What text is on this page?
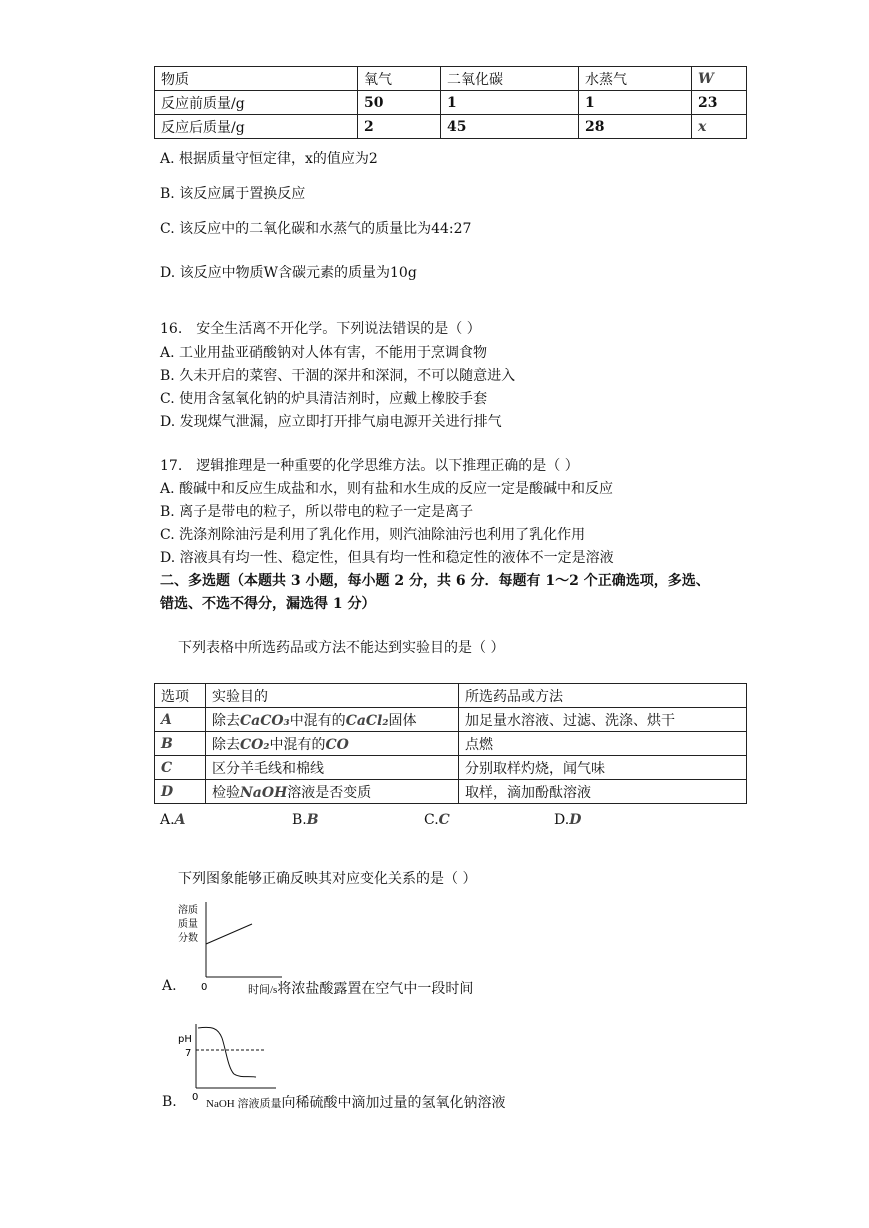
物质	氧气	二氧化碳	水蒸气	W
反应前质量/g	50	1	1	23
反应后质量/g	2	45	28	x
A. 根据质量守恒定律，x的值应为2
B. 该反应属于置换反应
C. 该反应中的二氧化碳和水蒸气的质量比为44:27
D. 该反应中物质W含碳元素的质量为10g
16.　安全生活离不开化学。下列说法错误的是（ ）
A. 工业用盐亚硝酸钠对人体有害，不能用于烹调食物
B. 久未开启的菜窖、干涸的深井和深洞，不可以随意进入
C. 使用含氢氧化钠的炉具清洁剂时，应戴上橡胶手套
D. 发现煤气泄漏，应立即打开排气扇电源开关进行排气
17.　逻辑推理是一种重要的化学思维方法。以下推理正确的是（ ）
A. 酸碱中和反应生成盐和水，则有盐和水生成的反应一定是酸碱中和反应
B. 离子是带电的粒子，所以带电的粒子一定是离子
C. 洗涤剂除油污是利用了乳化作用，则汽油除油污也利用了乳化作用
D. 溶液具有均一性、稳定性，但具有均一性和稳定性的液体不一定是溶液
二、多选题（本题共 3 小题，每小题 2 分，共 6 分．每题有 1～2 个正确选项，多选、
错选、不选不得分，漏选得 1 分）
下列表格中所选药品或方法不能达到实验目的是（ ）
选项	实验目的	所选药品或方法
A	除去CaCO₃中混有的CaCl₂固体	加足量水溶液、过滤、洗涤、烘干
B	除去CO₂中混有的CO	点燃
C	区分羊毛线和棉线	分别取样灼烧，闻气味
D	检验NaOH溶液是否变质	取样，滴加酚酞溶液
A.A	B.B	C.C	D.D
下列图象能够正确反映其对应变化关系的是（ ）
溶质
质量
分数
0
A.	时间/s将浓盐酸露置在空气中一段时间
pH
7
0
B.	NaOH 溶液质量向稀硫酸中滴加过量的氢氧化钠溶液
